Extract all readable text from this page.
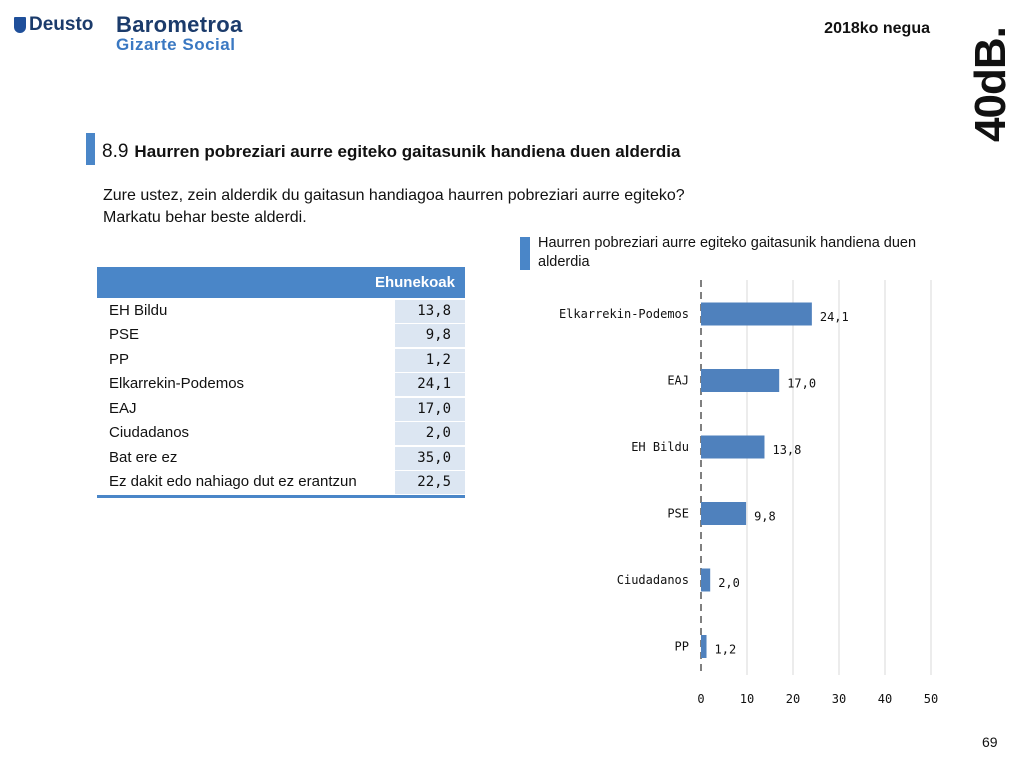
Deusto Barometroa
Gizarte Social
2018ko negua 40dB.
8.9 Haurren pobreziari aurre egiteko gaitasunik handiena duen alderdia
Zure ustez, zein alderdik du gaitasun handiagoa haurren pobreziari aurre egiteko?
Markatu behar beste alderdi.
Ehunekoak
EH Bildu	13,8
PSE	9,8
PP	1,2
Elkarrekin-Podemos	24,1
EAJ	17,0
Ciudadanos	2,0
Bat ere ez	35,0
Ez dakit edo nahiago dut ez erantzun	22,5
Haurren pobreziari aurre egiteko gaitasunik handiena duen alderdia
0	10	20	30	40	50
Elkarrekin-Podemos	24,1
EAJ	17,0
EH Bildu	13,8
PSE	9,8
Ciudadanos 2,0
PP 1,2
69
